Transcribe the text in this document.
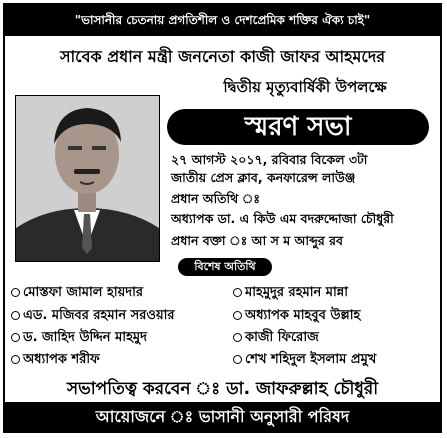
"ভাসানীর চেতনায় প্রগতিশীল ও দেশপ্রেমিক শক্তির ঐক্য চাই"
সাবেক প্রধান মন্ত্রী জননেতা কাজী জাফর আহমদের
দ্বিতীয় মৃত্যুবার্ষিকী উপলক্ষে
স্মরণ সভা
২৭ আগস্ট ২০১৭, রবিবার বিকেল ৩টা
জাতীয় প্রেস ক্লাব, কনফারেন্স লাউঞ্জ
প্রধান অতিথি ঃ
অধ্যাপক ডা. এ কিউ এম বদরুদ্দোজা চৌধুরী
প্রধান বক্তা ঃ আ স ম আব্দুর রব
বিশেষ অতিথি
মোস্তফা জামাল হায়দার	মাহমুদুর রহমান মান্না
এড. মজিবর রহমান সরওয়ার	অধ্যাপক মাহবুব উল্লাহ
ড. জাহিদ উদ্দিন মাহমুদ	কাজী ফিরোজ
অধ্যাপক শরীফ	শেখ শহিদুল ইসলাম প্রমুখ
সভাপতিত্ব করবেন ঃ ডা. জাফরুল্লাহ চৌধুরী
আয়োজনে ঃ ভাসানী অনুসারী পরিষদ
